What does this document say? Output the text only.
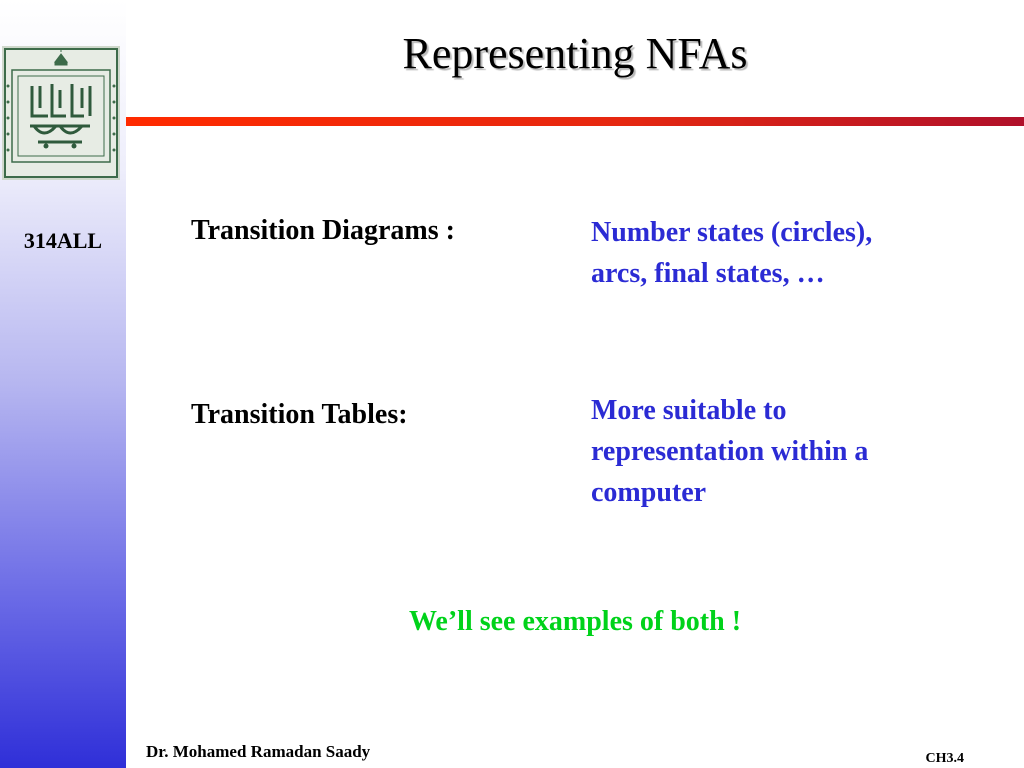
314ALL
Representing NFAs
Transition Diagrams :	Number states (circles),
arcs, final states, …
Transition Tables:	More suitable to
representation within a
computer
We’ll see examples of both !
Dr. Mohamed Ramadan Saady	CH3.4
